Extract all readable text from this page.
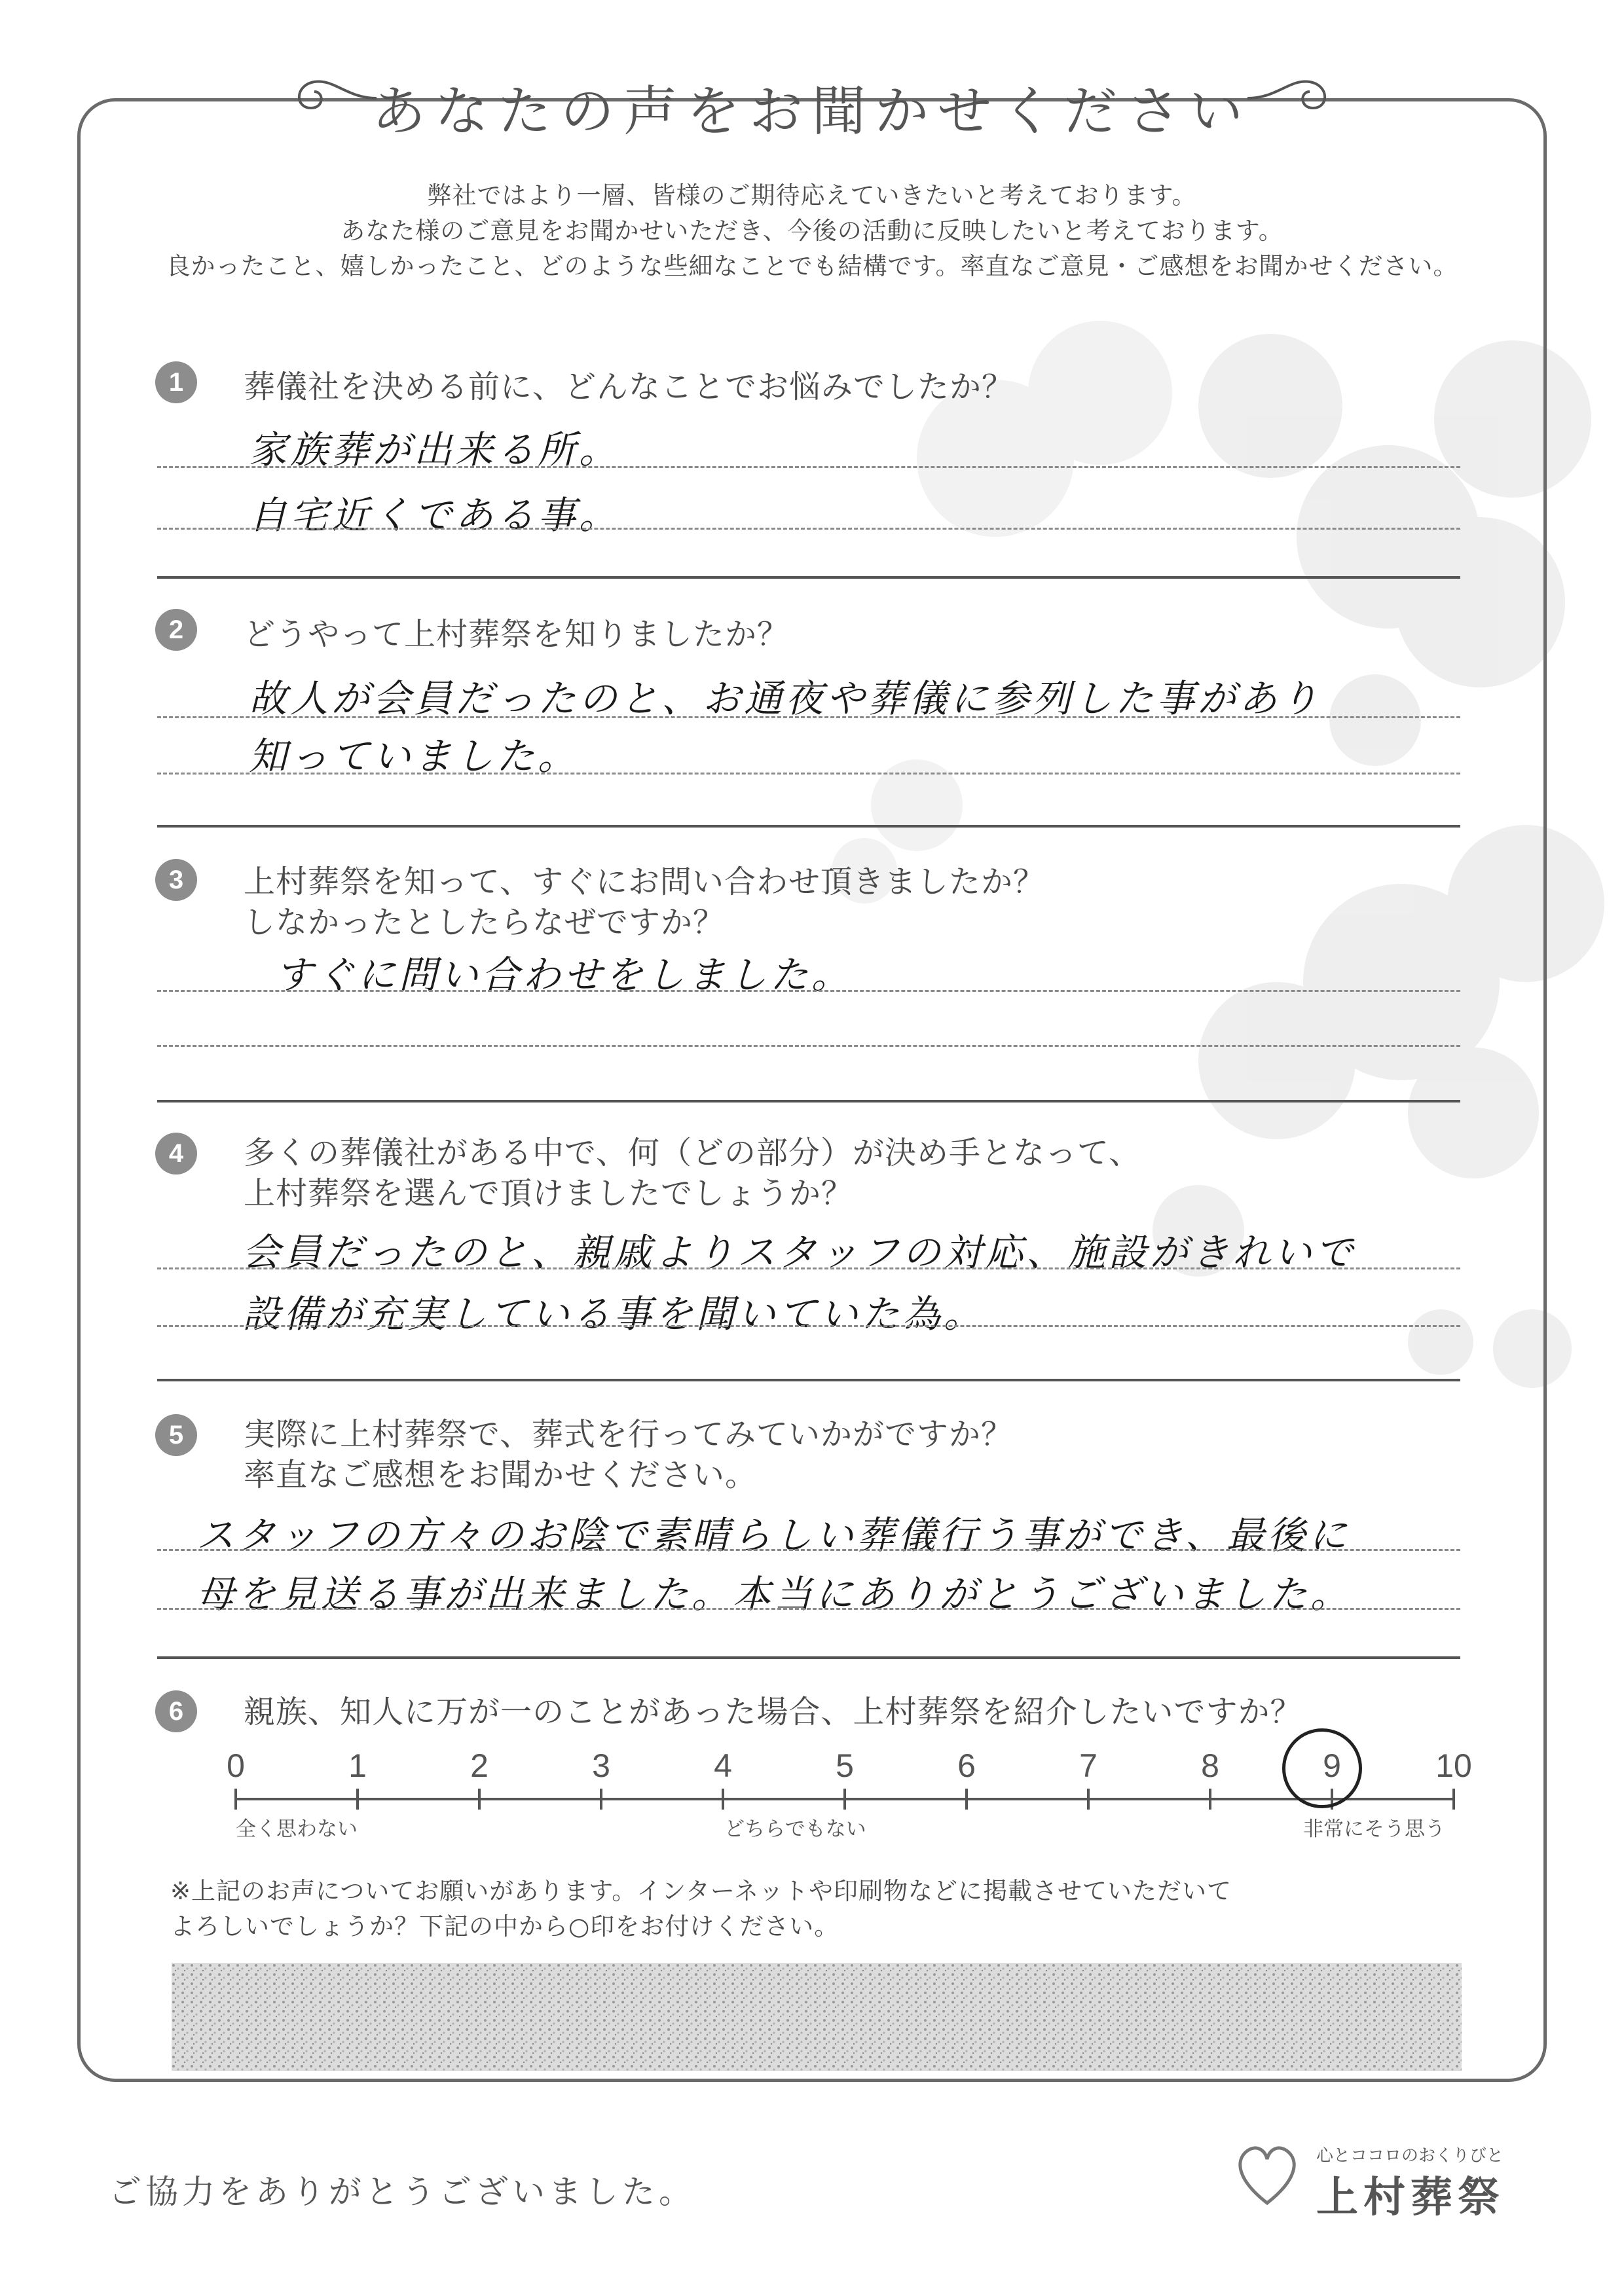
あなたの声をお聞かせください
弊社ではより一層、皆様のご期待応えていきたいと考えております。
あなた様のご意見をお聞かせいただき、今後の活動に反映したいと考えております。
良かったこと、嬉しかったこと、どのような些細なことでも結構です。率直なご意見・ご感想をお聞かせください。
1	葬儀社を決める前に、どんなことでお悩みでしたか？
家族葬が出来る所。
自宅近くである事。
2	どうやって上村葬祭を知りましたか？
故人が会員だったのと、お通夜や葬儀に参列した事があり
知っていました。
3	上村葬祭を知って、すぐにお問い合わせ頂きましたか？
しなかったとしたらなぜですか？
すぐに問い合わせをしました。
4	多くの葬儀社がある中で、何（どの部分）が決め手となって、
上村葬祭を選んで頂けましたでしょうか？
会員だったのと、親戚よりスタッフの対応、施設がきれいで
設備が充実している事を聞いていた為。
5	実際に上村葬祭で、葬式を行ってみていかがですか？
率直なご感想をお聞かせください。
スタッフの方々のお陰で素晴らしい葬儀行う事ができ、最後に
母を見送る事が出来ました。本当にありがとうございました。
6	親族、知人に万が一のことがあった場合、上村葬祭を紹介したいですか？
0	1	2	3	4	5	6	7	8	9	10
全く思わない	どちらでもない	非常にそう思う
※上記のお声についてお願いがあります。インターネットや印刷物などに掲載させていただいて
よろしいでしょうか？下記の中から○印をお付けください。
ご協力をありがとうございました。
心とココロのおくりびと
上村葬祭
